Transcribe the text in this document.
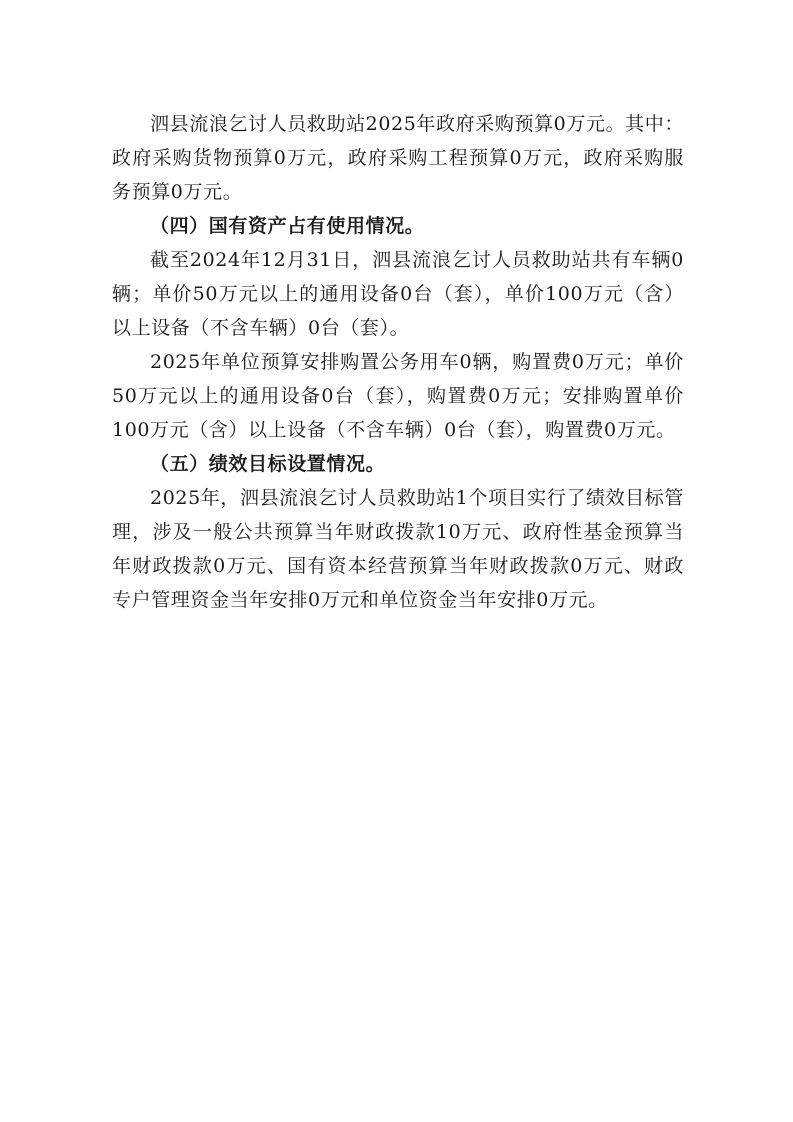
泗县流浪乞讨人员救助站2025年政府采购预算0万元。其中：政府采购货物预算0万元，政府采购工程预算0万元，政府采购服务预算0万元。

（四）国有资产占有使用情况。

截至2024年12月31日，泗县流浪乞讨人员救助站共有车辆0辆；单价50万元以上的通用设备0台（套），单价100万元（含）以上设备（不含车辆）0台（套）。

2025年单位预算安排购置公务用车0辆，购置费0万元；单价50万元以上的通用设备0台（套），购置费0万元；安排购置单价100万元（含）以上设备（不含车辆）0台（套），购置费0万元。

（五）绩效目标设置情况。

2025年，泗县流浪乞讨人员救助站1个项目实行了绩效目标管理，涉及一般公共预算当年财政拨款10万元、政府性基金预算当年财政拨款0万元、国有资本经营预算当年财政拨款0万元、财政专户管理资金当年安排0万元和单位资金当年安排0万元。
